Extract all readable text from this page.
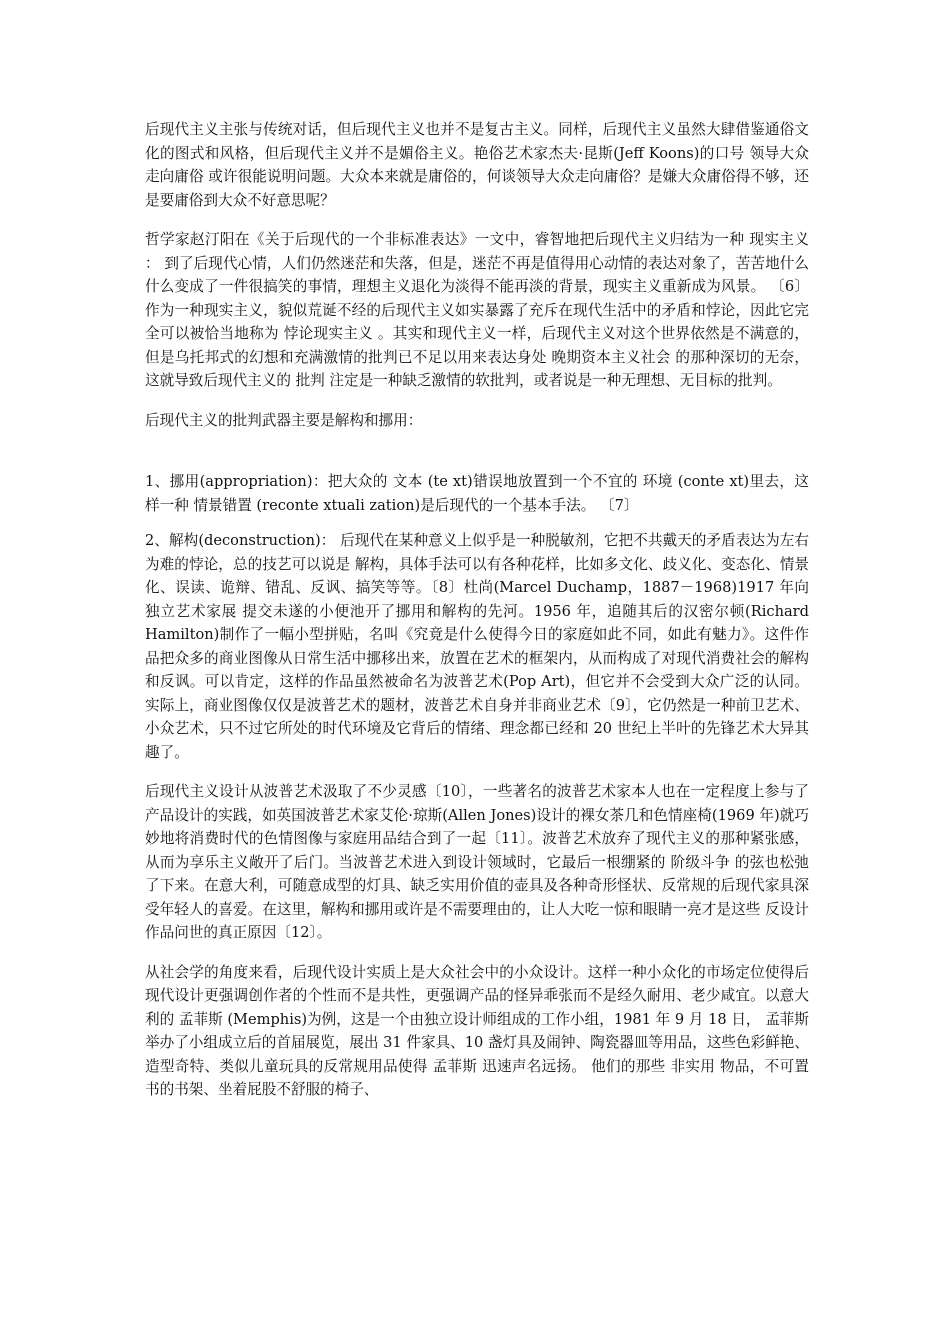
后现代主义主张与传统对话，但后现代主义也并不是复古主义。同样，后现代主义虽然大肆借鉴通俗文化的图式和风格，但后现代主义并不是媚俗主义。艳俗艺术家杰夫·昆斯(Jeff Koons)的口号 领导大众走向庸俗 或许很能说明问题。大众本来就是庸俗的，何谈领导大众走向庸俗？是嫌大众庸俗得不够，还是要庸俗到大众不好意思呢？

哲学家赵汀阳在《关于后现代的一个非标准表达》一文中，睿智地把后现代主义归结为一种 现实主义 ： 到了后现代心情，人们仍然迷茫和失落，但是，迷茫不再是值得用心动情的表达对象了，苦苦地什么什么变成了一件很搞笑的事情，理想主义退化为淡得不能再淡的背景，现实主义重新成为风景。 〔6〕作为一种现实主义，貌似荒诞不经的后现代主义如实暴露了充斥在现代生活中的矛盾和悖论，因此它完全可以被恰当地称为 悖论现实主义 。其实和现代主义一样，后现代主义对这个世界依然是不满意的，但是乌托邦式的幻想和充满激情的批判已不足以用来表达身处 晚期资本主义社会 的那种深切的无奈，这就导致后现代主义的 批判 注定是一种缺乏激情的软批判，或者说是一种无理想、无目标的批判。

后现代主义的批判武器主要是解构和挪用：

1、挪用(appropriation)：把大众的 文本 (te xt)错误地放置到一个不宜的 环境 (conte xt)里去，这样一种 情景错置 (reconte xtuali zation)是后现代的一个基本手法。 〔7〕

2、解构(deconstruction)： 后现代在某种意义上似乎是一种脱敏剂，它把不共戴天的矛盾表达为左右为难的悖论，总的技艺可以说是 解构，具体手法可以有各种花样，比如多文化、歧义化、变态化、情景化、误读、诡辩、错乱、反讽、搞笑等等。〔8〕杜尚(Marcel Duchamp，1887－1968)1917 年向 独立艺术家展 提交未遂的小便池开了挪用和解构的先河。1956 年，追随其后的汉密尔顿(Richard Hamilton)制作了一幅小型拼贴，名叫《究竟是什么使得今日的家庭如此不同，如此有魅力》。这件作品把众多的商业图像从日常生活中挪移出来，放置在艺术的框架内，从而构成了对现代消费社会的解构和反讽。可以肯定，这样的作品虽然被命名为波普艺术(Pop Art)，但它并不会受到大众广泛的认同。实际上，商业图像仅仅是波普艺术的题材，波普艺术自身并非商业艺术〔9〕，它仍然是一种前卫艺术、小众艺术，只不过它所处的时代环境及它背后的情绪、理念都已经和 20 世纪上半叶的先锋艺术大异其趣了。

后现代主义设计从波普艺术汲取了不少灵感〔10〕，一些著名的波普艺术家本人也在一定程度上参与了产品设计的实践，如英国波普艺术家艾伦·琼斯(Allen Jones)设计的裸女茶几和色情座椅(1969 年)就巧妙地将消费时代的色情图像与家庭用品结合到了一起〔11〕。波普艺术放弃了现代主义的那种紧张感，从而为享乐主义敞开了后门。当波普艺术进入到设计领域时，它最后一根绷紧的 阶级斗争 的弦也松弛了下来。在意大利，可随意成型的灯具、缺乏实用价值的壶具及各种奇形怪状、反常规的后现代家具深受年轻人的喜爱。在这里，解构和挪用或许是不需要理由的，让人大吃一惊和眼睛一亮才是这些 反设计 作品问世的真正原因〔12〕。

从社会学的角度来看，后现代设计实质上是大众社会中的小众设计。这样一种小众化的市场定位使得后现代设计更强调创作者的个性而不是共性，更强调产品的怪异乖张而不是经久耐用、老少咸宜。以意大利的 孟菲斯 (Memphis)为例，这是一个由独立设计师组成的工作小组，1981 年 9 月 18 日， 孟菲斯 举办了小组成立后的首届展览，展出 31 件家具、10 盏灯具及闹钟、陶瓷器皿等用品，这些色彩鲜艳、造型奇特、类似儿童玩具的反常规用品使得 孟菲斯 迅速声名远扬。 他们的那些 非实用 物品，不可置书的书架、坐着屁股不舒服的椅子、
